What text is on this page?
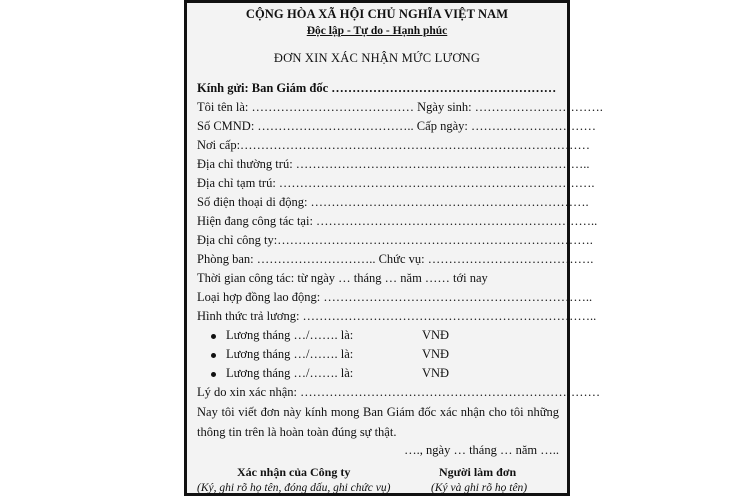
CỘNG HÒA XÃ HỘI CHỦ NGHĨA VIỆT NAM
Độc lập - Tự do - Hạnh phúc
ĐƠN XIN XÁC NHẬN MỨC LƯƠNG
Kính gửi: Ban Giám đốc ………………………………………………
Tôi tên là: ………………………………… Ngày sinh: ………………………….
Số CMND: ……………………………….. Cấp ngày: …………………………
Nơi cấp:…………………………………………………………………………
Địa chỉ thường trú: ……………………………………………………………..
Địa chỉ tạm trú: ………………………………………………………………….
Số điện thoại di động: ………………………………………………………….
Hiện đang công tác tại: …………………………………………………………..
Địa chỉ công ty:………………………………………………………………….
Phòng ban: ……………………….. Chức vụ: ………………………………….
Thời gian công tác: từ ngày … tháng … năm …… tới nay
Loại hợp đồng lao động: ………………………………………………………..
Hình thức trả lương: ……………………………………………………………..
Lương tháng …/……. là:	VNĐ
Lương tháng …/……. là:	VNĐ
Lương tháng …/……. là:	VNĐ
Lý do xin xác nhận: ………………………………………………………………
Nay tôi viết đơn này kính mong Ban Giám đốc xác nhận cho tôi những thông tin trên là hoàn toàn đúng sự thật.
…., ngày … tháng … năm …..
Xác nhận của Công ty
(Ký, ghi rõ họ tên, đóng dấu, ghi chức vụ)
Người làm đơn
(Ký và ghi rõ họ tên)
